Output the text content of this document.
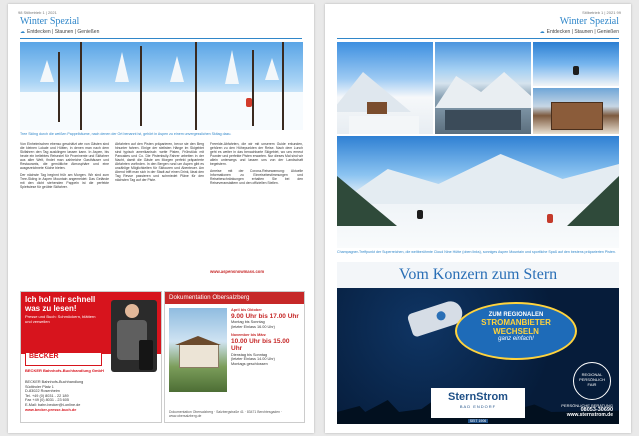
98 Stilbetrieb 1 | 2021
Winter Spezial
☁ Entdecken | Staunen | Genießen
Tree Skiing durch die weißen Pappelbäume, nach denen der Ort benannt ist, gehört in Aspen zu einem unvergesslichen Skitag dazu.

Von Einheimischen ebenso geschätzt wie von Gästen sind die kleinen Lokale und Hütten, in denen man nach dem Skifahren den Tag ausklingen lassen kann. In Aspen, bis heute ein beliebtes Reiseziel für Prominente und Skifahrer aus aller Welt, findet man zahlreiche Gasthäuser und Restaurants, die gemütliche Atmosphäre und eine ausgezeichnete Küche bieten.

Der nächste Tag beginnt früh am Morgen. Wir sind zum Tree-Skiing in Aspen Mountain angemeldet: Das Gelände mit den dicht stehenden Pappeln ist die perfekte Spielwiese für geübte Skifahrer.

Abfahrten auf den Pisten präparieren, bevor sie den Berg hinunter fahren. Einige der steilsten Hänge im Skigebiet sind typisch amerikanisch: weite Pisten, Frühstück mit Pancakes und Co. Die Pistenbully-Fahrer arbeiten in der Nacht, damit die Gäste am Morgen perfekt präparierte Abfahrten vorfinden. In den Bergen rund um Aspen gibt es unzählige Möglichkeiten für Skitouren und Abenteuer. Am Abend trifft man sich in der Stadt auf einen Drink, lässt den Tag Revue passieren und schmiedet Pläne für den nächsten Tag auf der Piste.

Freeride-Abfahrten, die wir mit unserem Guide erkunden, gehören zu den Höhepunkten der Reise. Nach dem Lunch geht es weiter in das benachbarte Skigebiet, wo uns erneut Powder und perfekte Pisten erwarten. Nur dieses Mal sind wir allein unterwegs und lassen uns von der Landschaft begeistern.

Anreise mit der Corona-Reisewarnung: Aktuelle Informationen zu Einreisebestimmungen und Reisebeschränkungen erhalten Sie bei den Reiseveranstaltern und den offiziellen Stellen.

www.aspensnowmass.com
Ich hol mir schnell was zu lesen!
Presse und Buch: Schmöckern, blättern und verweilen
BECKER
BECKER Bahnhofs-Buchhandlung GmbH
BECKER Bahnhofs-Buchhandlung
Südtiroler Platz 1
D-83022 Rosenheim
Tel. +49 (0) 8031 - 22 189
Fax +49 (0) 8031 - 23 605
E-Mail: bahn.becker@t-online.de
www.becker-presse-buch.de
Dokumentation Obersalzberg
April bis Oktober
9.00 Uhr bis 17.00 Uhr
Montag bis Sonntag
(letzter Einlass 16.00 Uhr)
November bis März
10.00 Uhr bis 15.00 Uhr
Dienstag bis Sonntag
(letzter Einlass 14.00 Uhr)
Montags geschlossen
Dokumentation Obersalzberg · Salzbergstraße 41 · 83471 Berchtesgaden · www.obersalzberg.de
Stilbetrieb 1 | 2021 99
Winter Spezial
☁ Entdecken | Staunen | Genießen
Champagner-Treffpunkt der Superreichen, die weltberühmte Cloud Nine Hütte (oben links), sonniges Aspen Mountain und sportliche Spaß auf den bestens präparierten Pisten.
Vom Konzern zum Stern
ZUM REGIONALEN
STROMANBIETER
WECHSELN
ganz einfach!
REGIONAL
PERSÖNLICH
FAIR
SternStrom
BAD ENDORF
SEIT 1906
PERSÖNLICHE BERATUNG
08053-30690
www.sternstrom.de
